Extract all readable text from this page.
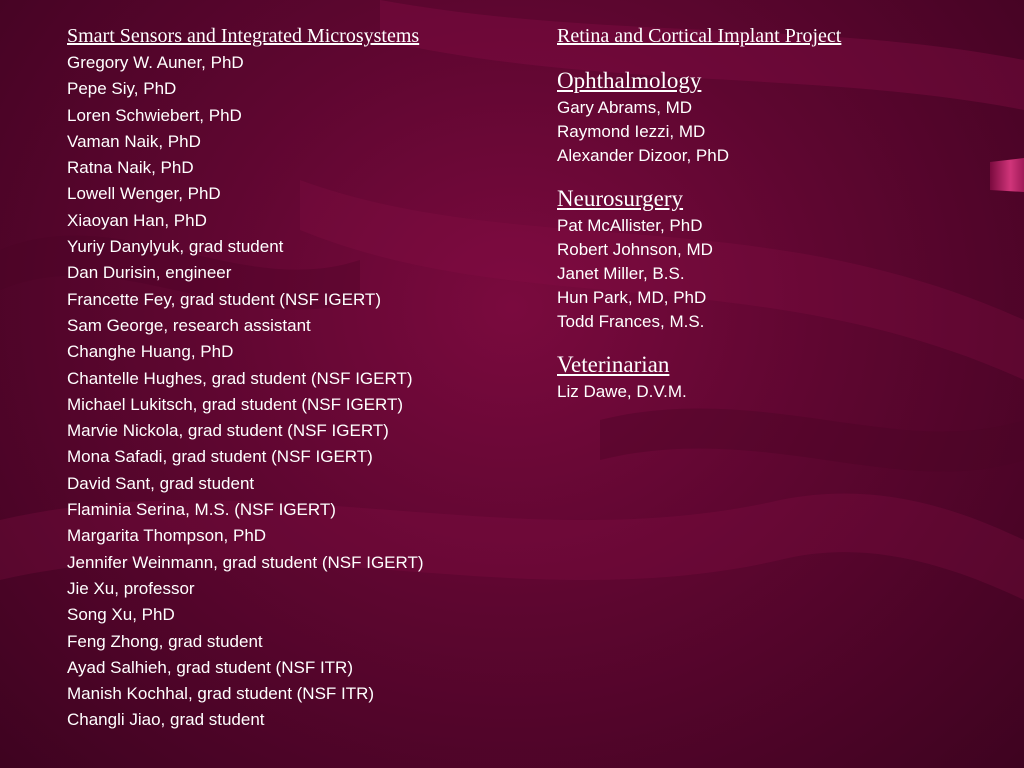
Smart Sensors and Integrated Microsystems
Gregory W. Auner, PhD
Pepe Siy, PhD
Loren Schwiebert, PhD
Vaman Naik, PhD
Ratna Naik, PhD
Lowell Wenger, PhD
Xiaoyan Han, PhD
Yuriy Danylyuk, grad student
Dan Durisin, engineer
Francette Fey, grad student (NSF IGERT)
Sam George, research assistant
Changhe Huang, PhD
Chantelle Hughes, grad student (NSF IGERT)
Michael Lukitsch, grad student (NSF IGERT)
Marvie Nickola, grad student (NSF IGERT)
Mona Safadi, grad student (NSF IGERT)
David Sant, grad student
Flaminia Serina, M.S. (NSF IGERT)
Margarita Thompson, PhD
Jennifer Weinmann, grad student (NSF IGERT)
Jie Xu, professor
Song Xu, PhD
Feng Zhong, grad student
Ayad Salhieh, grad student (NSF ITR)
Manish Kochhal, grad student (NSF ITR)
Changli Jiao, grad student
Retina and Cortical Implant Project
Ophthalmology
Gary Abrams, MD
Raymond Iezzi, MD
Alexander Dizoor, PhD
Neurosurgery
Pat McAllister, PhD
Robert Johnson, MD
Janet Miller, B.S.
Hun Park, MD, PhD
Todd Frances, M.S.
Veterinarian
Liz Dawe, D.V.M.
